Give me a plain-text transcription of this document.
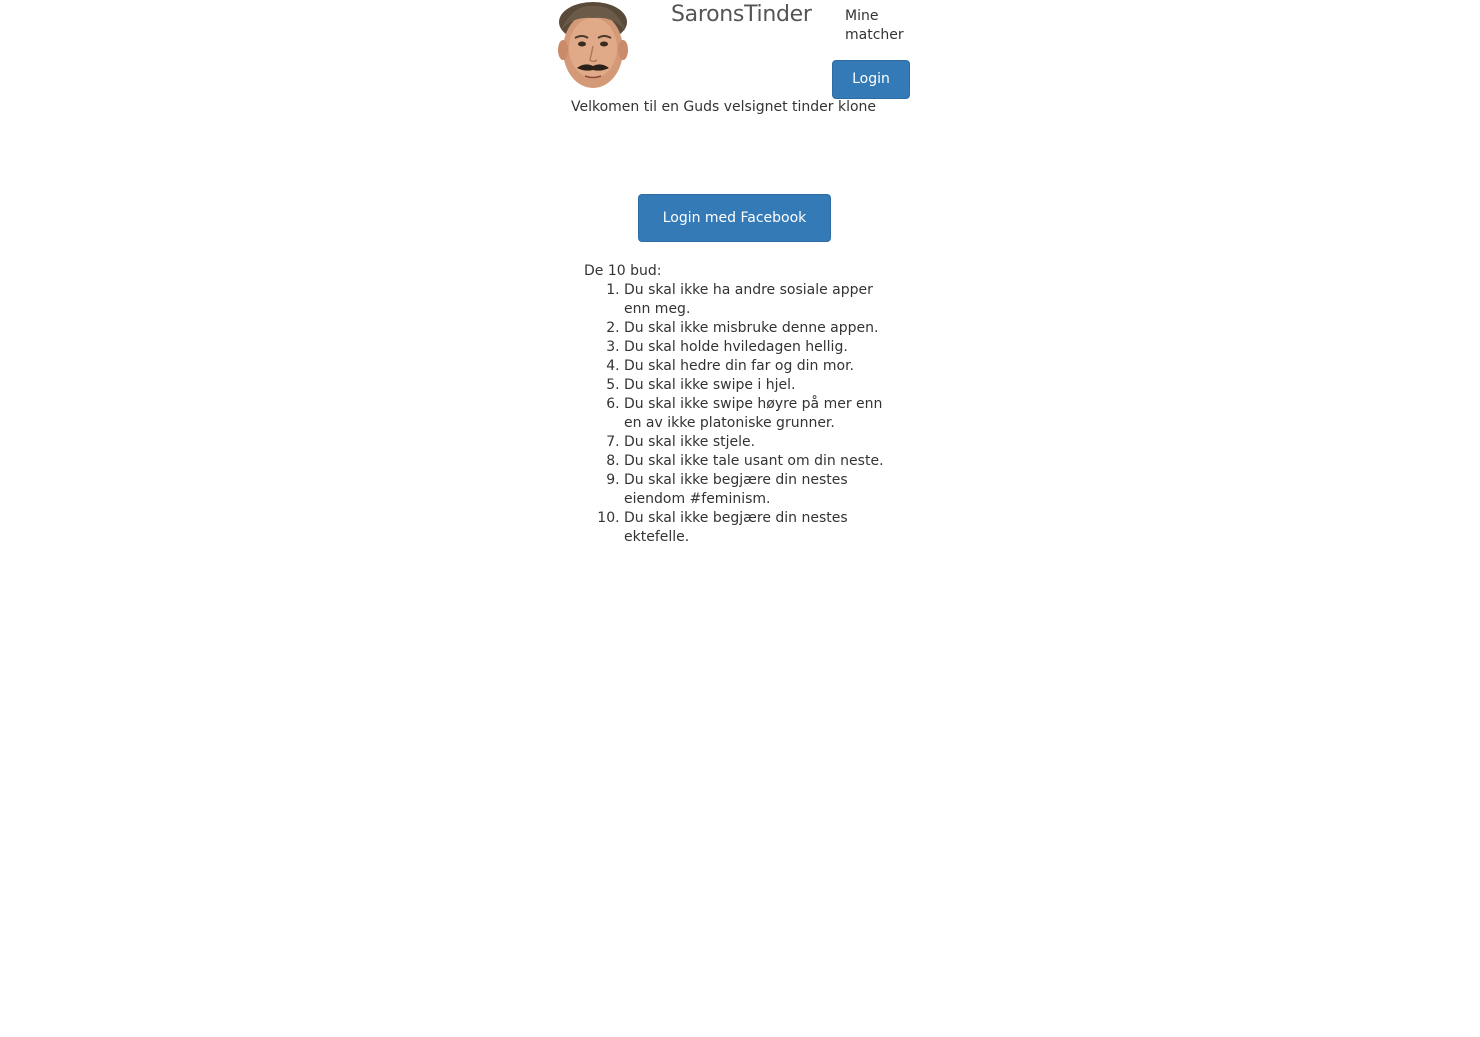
SaronsTinder Mine matcher
Login
Velkomen til en Guds velsignet tinder klone
Login med Facebook
De 10 bud:
1. Du skal ikke ha andre sosiale apper enn meg.
2. Du skal ikke misbruke denne appen.
3. Du skal holde hviledagen hellig.
4. Du skal hedre din far og din mor.
5. Du skal ikke swipe i hjel.
6. Du skal ikke swipe høyre på mer enn en av ikke platoniske grunner.
7. Du skal ikke stjele.
8. Du skal ikke tale usant om din neste.
9. Du skal ikke begjære din nestes eiendom #feminism.
10. Du skal ikke begjære din nestes ektefelle.
